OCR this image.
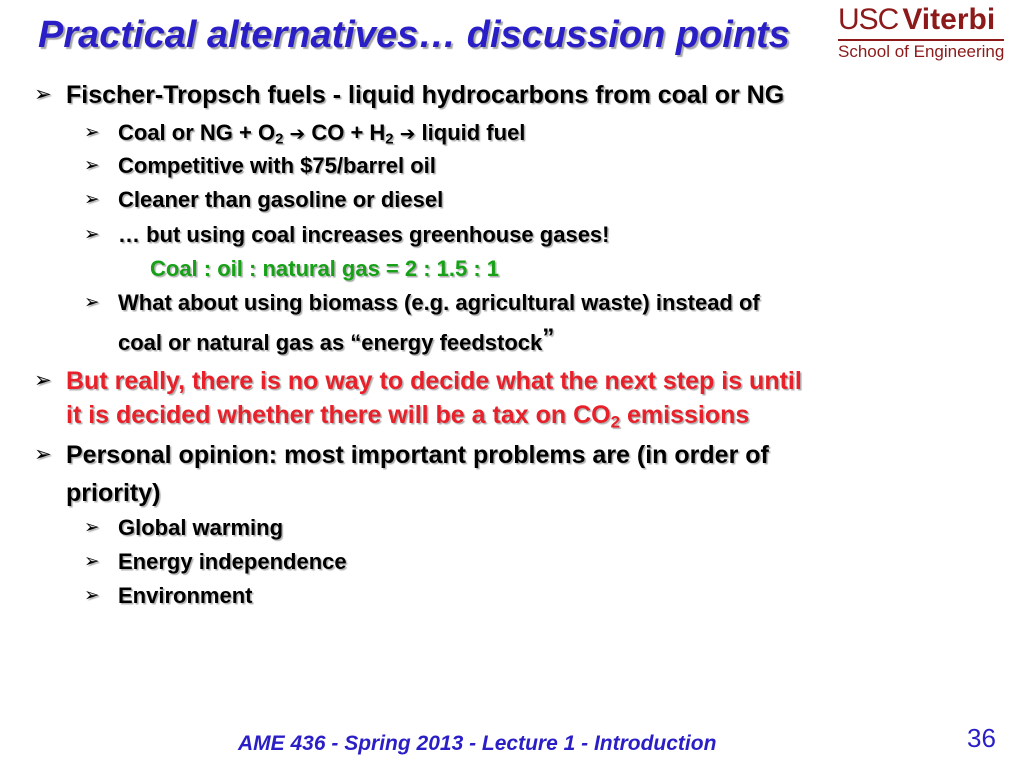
Practical alternatives… discussion points USC Viterbi
School of Engineering
➢ Fischer-Tropsch fuels - liquid hydrocarbons from coal or NG
➢ Coal or NG + $O_2$ ➔ CO + $H_2$ ➔ liquid fuel
➢ Competitive with $75/barrel oil
➢ Cleaner than gasoline or diesel
➢ … but using coal increases greenhouse gases!
Coal : oil : natural gas = 2 : 1.5 : 1
➢ What about using biomass (e.g. agricultural waste) instead of
coal or natural gas as “energy feedstock”
➢ But really, there is no way to decide what the next step is until
it is decided whether there will be a tax on $CO_2$ emissions
➢ Personal opinion: most important problems are (in order of
priority)
➢ Global warming
➢ Energy independence
➢ Environment
AME 436 - Spring 2013 - Lecture 1 - Introduction	36
